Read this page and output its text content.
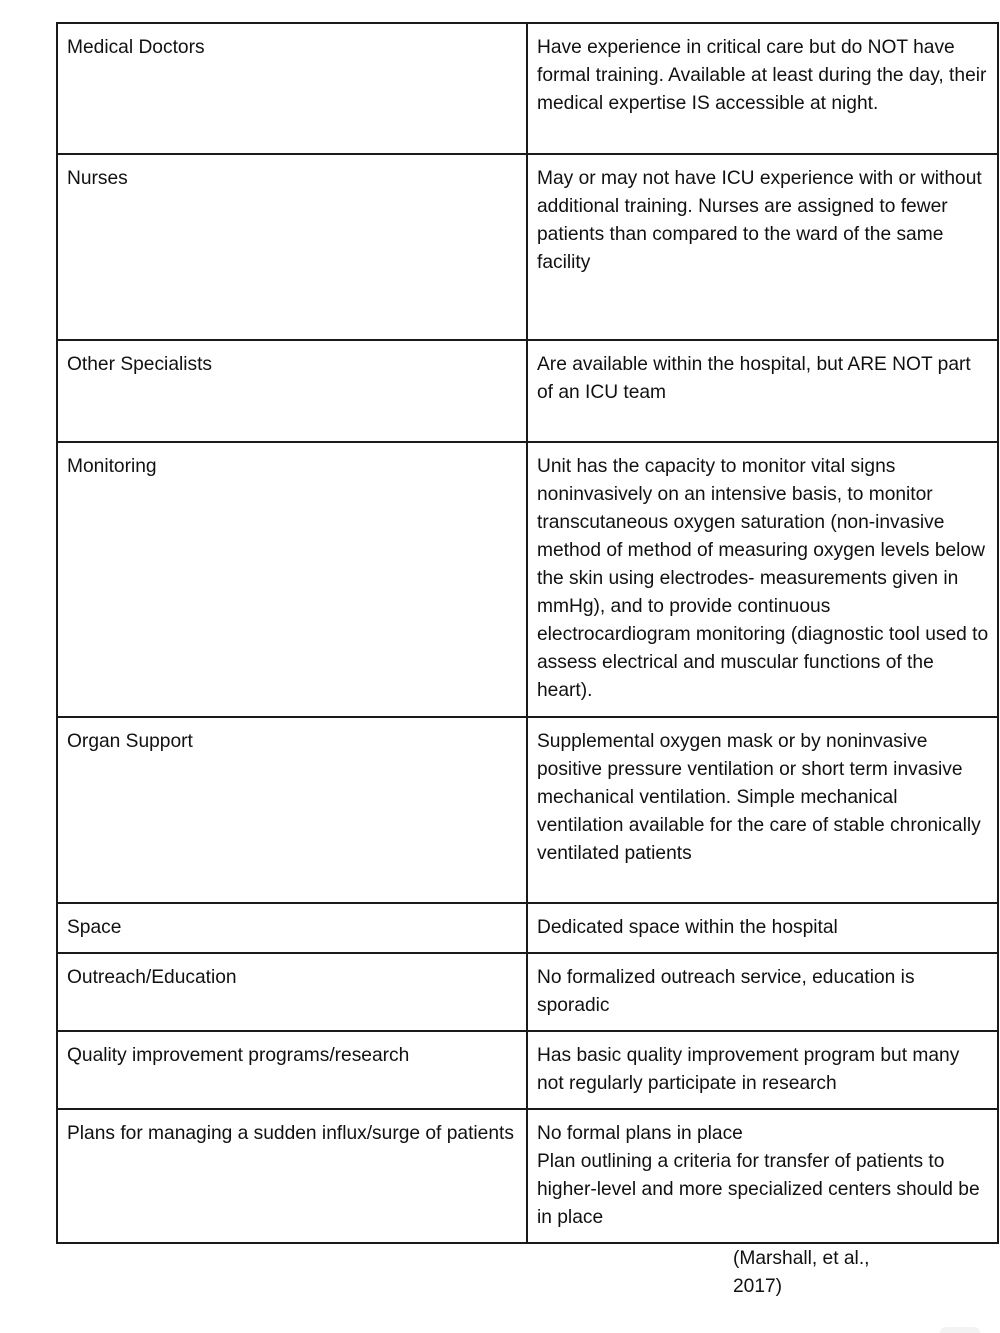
Medical Doctors	Have experience in critical care but do NOT have formal training. Available at least during the day, their medical expertise IS accessible at night.

Nurses	May or may not have ICU experience with or without additional training. Nurses are assigned to fewer patients than compared to the ward of the same facility

Other Specialists	Are available within the hospital, but ARE NOT part of an ICU team

Monitoring	Unit has the capacity to monitor vital signs noninvasively on an intensive basis, to monitor transcutaneous oxygen saturation (non-invasive method of method of measuring oxygen levels below the skin using electrodes- measurements given in mmHg), and to provide continuous electrocardiogram monitoring (diagnostic tool used to assess electrical and muscular functions of the heart).

Organ Support	Supplemental oxygen mask or by noninvasive positive pressure ventilation or short term invasive mechanical ventilation. Simple mechanical ventilation available for the care of stable chronically ventilated patients

Space	Dedicated space within the hospital

Outreach/Education	No formalized outreach service, education is sporadic

Quality improvement programs/research	Has basic quality improvement program but many not regularly participate in research

Plans for managing a sudden influx/surge of patients	No formal plans in place
Plan outlining a criteria for transfer of patients to higher-level and more specialized centers should be in place
(Marshall, et al.,
2017)
